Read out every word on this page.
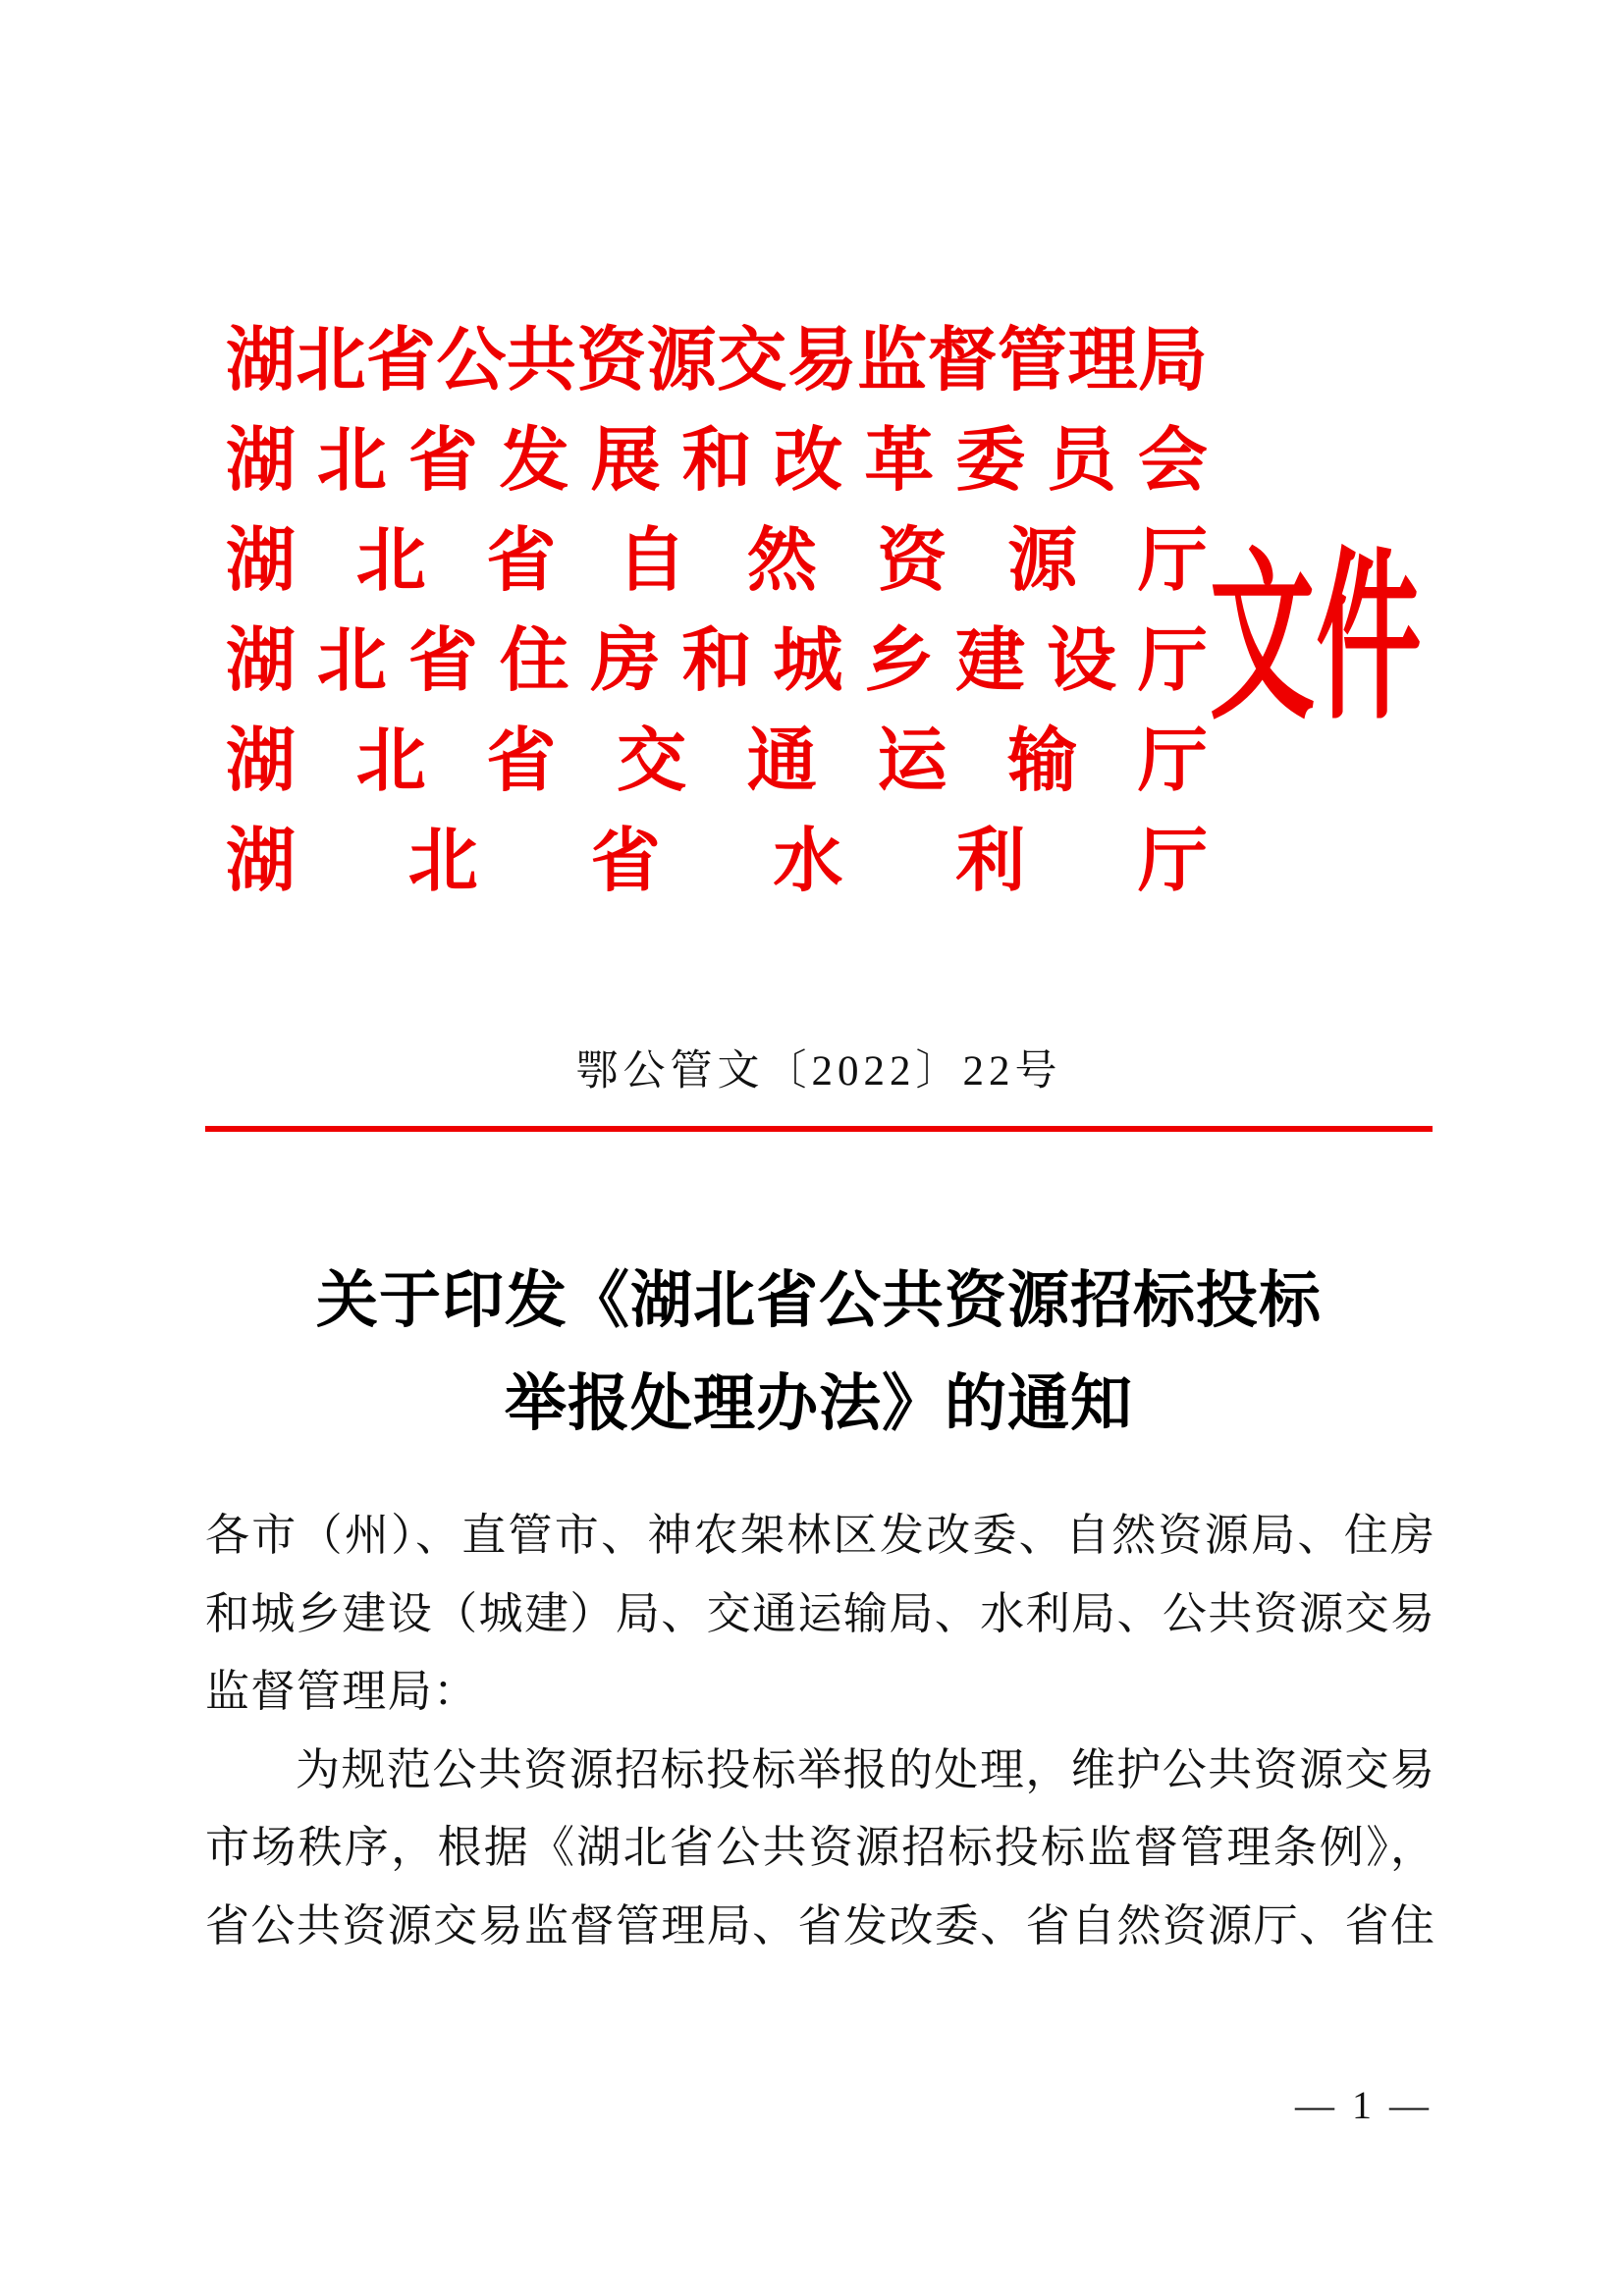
湖 北 省 公 共 资 源 交 易 监 督 管 理 局
湖 北 省 发 展 和 改 革 委 员 会
湖 北 省 自 然 资 源 厅
湖 北 省 住 房 和 城 乡 建 设 厅
湖 北 省 交 通 运 输 厅
湖 北 省 水 利 厅
文件
鄂公管文〔2022〕22号
关于印发《湖北省公共资源招标投标
举报处理办法》的通知
各市（州）、直管市、神农架林区发改委、自然资源局、住房
和城乡建设（城建）局、交通运输局、水利局、公共资源交易
监督管理局：
为规范公共资源招标投标举报的处理，维护公共资源交易
市场秩序，根据《湖北省公共资源招标投标监督管理条例》，
省公共资源交易监督管理局、省发改委、省自然资源厅、省住
— 1 —
